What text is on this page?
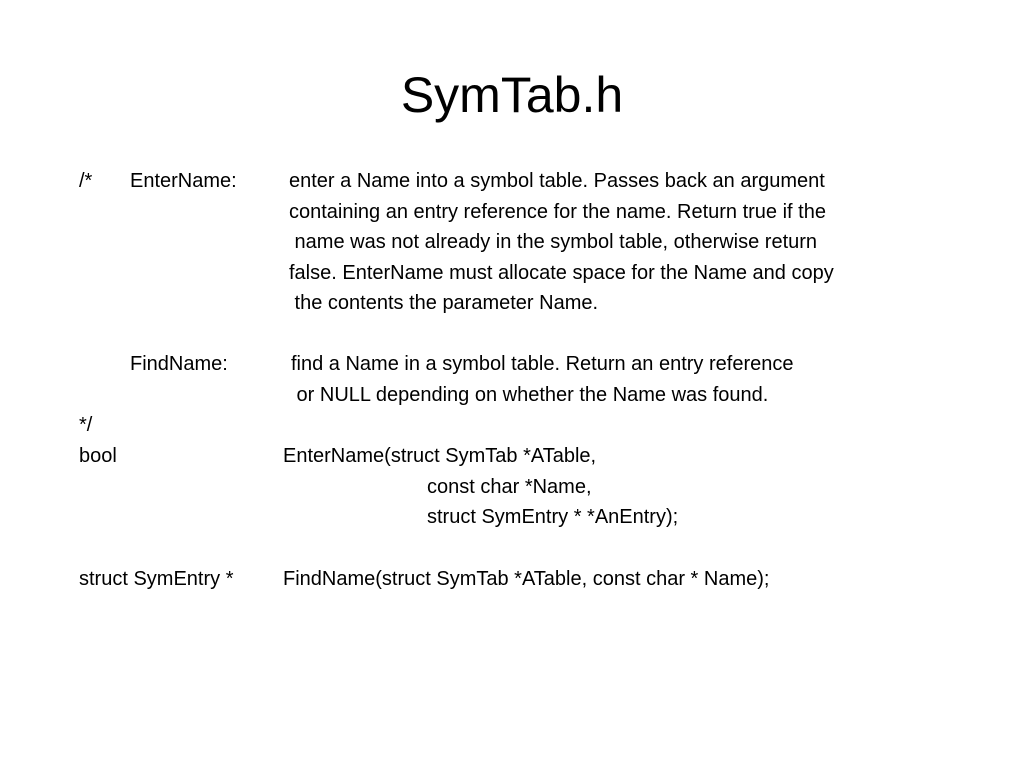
SymTab.h
/* EnterName:	enter a Name into a symbol table. Passes back an argument
containing an entry reference for the name. Return true if the
name was not already in the symbol table, otherwise return
false. EnterName must allocate space for the Name and copy
the contents the parameter Name.
FindName:	find a Name in a symbol table. Return an entry reference
or NULL depending on whether the Name was found.
*/
bool	EnterName(struct SymTab *ATable,
const char *Name,
struct SymEntry * *AnEntry);
struct SymEntry * FindName(struct SymTab *ATable, const char * Name);
